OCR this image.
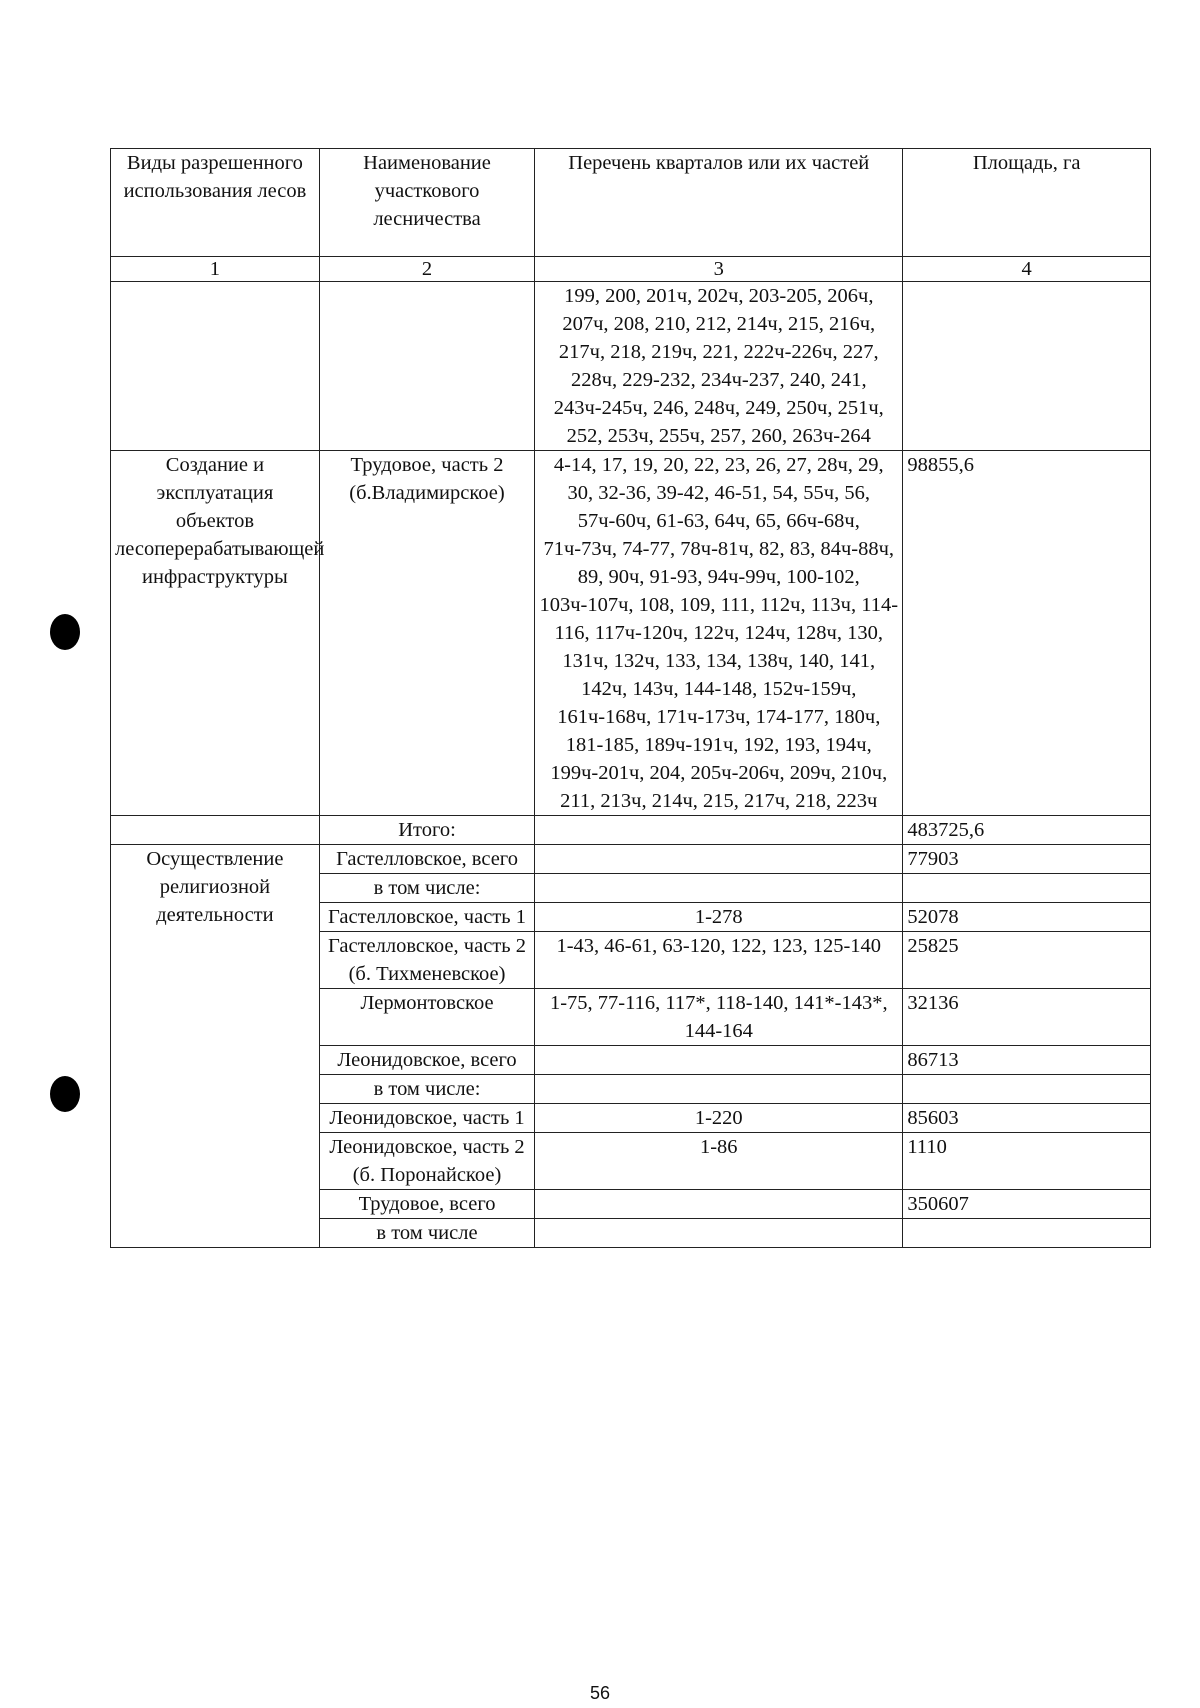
Виды разрешенного использования лесов	Наименование участкового лесничества	Перечень кварталов или их частей	Площадь, га
1	2	3	4
		199, 200, 201ч, 202ч, 203-205, 206ч, 207ч, 208, 210, 212, 214ч, 215, 216ч, 217ч, 218, 219ч, 221, 222ч-226ч, 227, 228ч, 229-232, 234ч-237, 240, 241, 243ч-245ч, 246, 248ч, 249, 250ч, 251ч, 252, 253ч, 255ч, 257, 260, 263ч-264	
Создание и эксплуатация объектов лесоперерабатывающей инфраструктуры	Трудовое, часть 2 (б.Владимирское)	4-14, 17, 19, 20, 22, 23, 26, 27, 28ч, 29, 30, 32-36, 39-42, 46-51, 54, 55ч, 56, 57ч-60ч, 61-63, 64ч, 65, 66ч-68ч, 71ч-73ч, 74-77, 78ч-81ч, 82, 83, 84ч-88ч, 89, 90ч, 91-93, 94ч-99ч, 100-102, 103ч-107ч, 108, 109, 111, 112ч, 113ч, 114-116, 117ч-120ч, 122ч, 124ч, 128ч, 130, 131ч, 132ч, 133, 134, 138ч, 140, 141, 142ч, 143ч, 144-148, 152ч-159ч, 161ч-168ч, 171ч-173ч, 174-177, 180ч, 181-185, 189ч-191ч, 192, 193, 194ч, 199ч-201ч, 204, 205ч-206ч, 209ч, 210ч, 211, 213ч, 214ч, 215, 217ч, 218, 223ч	98855,6
	Итого:		483725,6
Осуществление религиозной деятельности	Гастелловское, всего		77903
	в том числе:		
	Гастелловское, часть 1	1-278	52078
	Гастелловское, часть 2 (б. Тихменевское)	1-43, 46-61, 63-120, 122, 123, 125-140	25825
	Лермонтовское	1-75, 77-116, 117*, 118-140, 141*-143*, 144-164	32136
	Леонидовское, всего		86713
	в том числе:		
	Леонидовское, часть 1	1-220	85603
	Леонидовское, часть 2 (б. Поронайское)	1-86	1110
	Трудовое, всего		350607
	в том числе		
56
